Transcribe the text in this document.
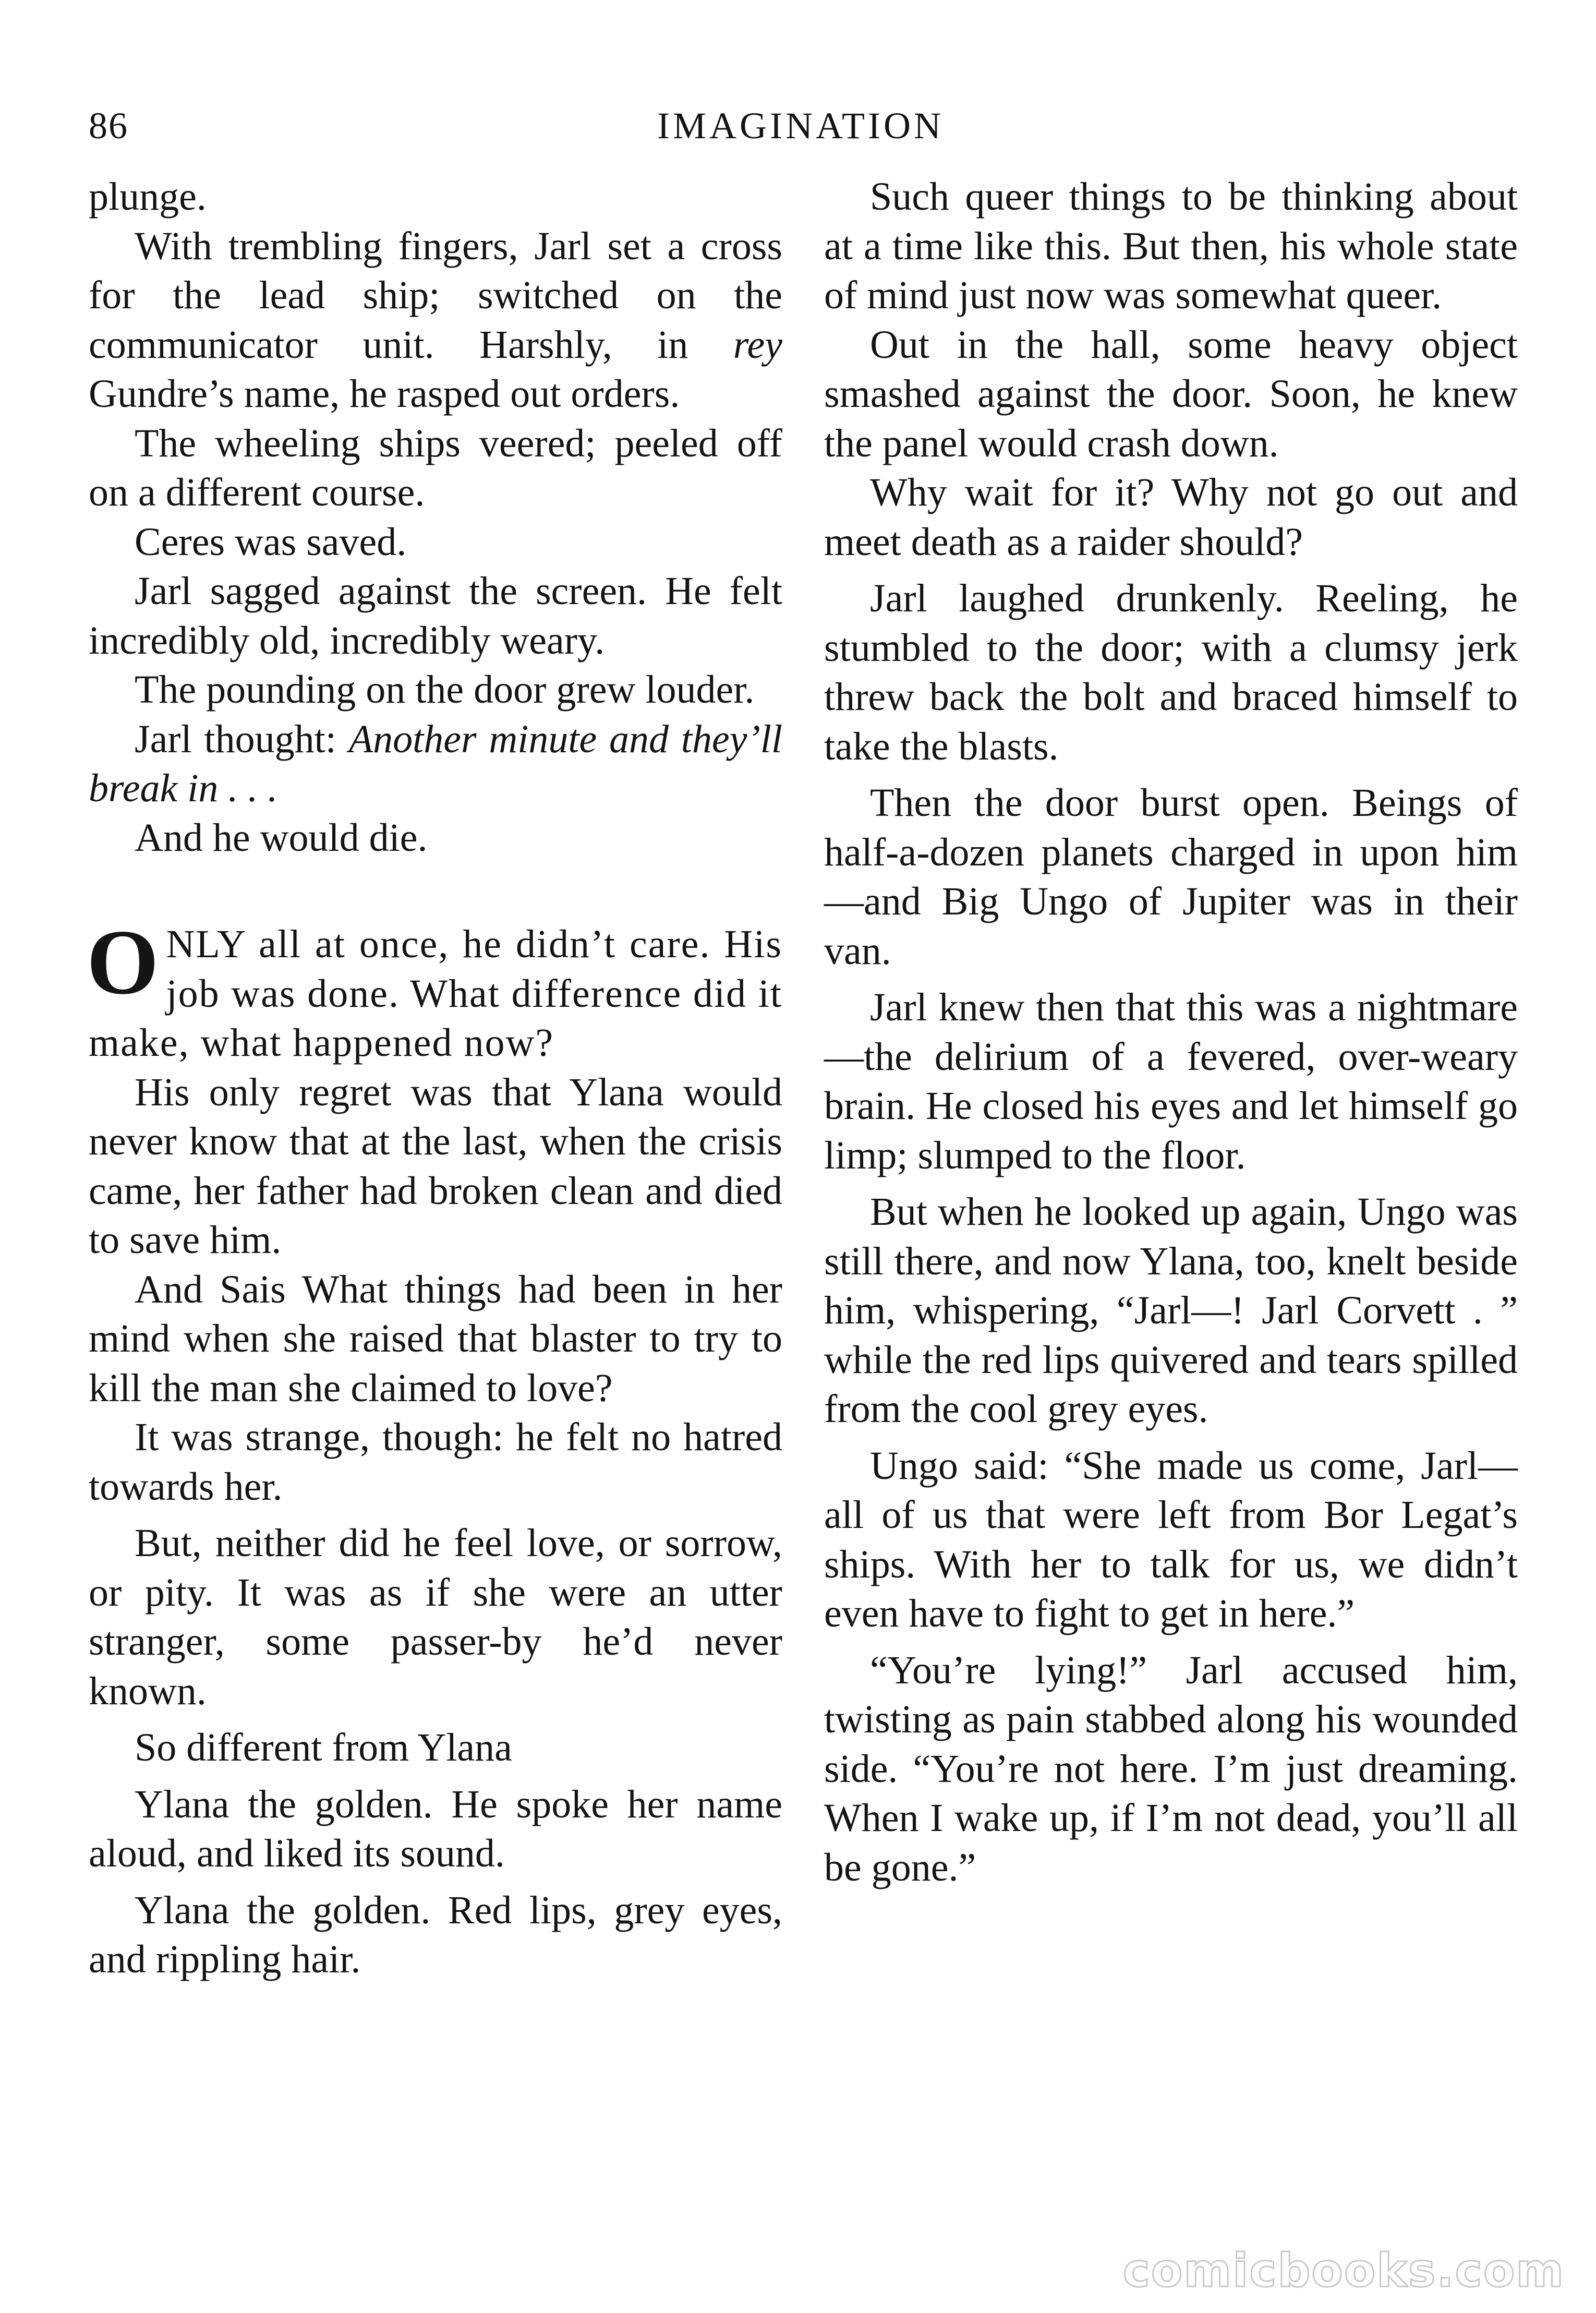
86	IMAGINATION

plunge.

With trembling fingers, Jarl set a cross for the lead ship; switched on the communicator unit. Harshly, in rey Gundre’s name, he rasped out orders.

The wheeling ships veered; peeled off on a different course.

Ceres was saved.

Jarl sagged against the screen. He felt incredibly old, incredibly weary.

The pounding on the door grew louder.

Jarl thought: Another minute and they’ll break in . . .

And he would die.

ONLY all at once, he didn’t care. His job was done. What difference did it make, what happened now?

His only regret was that Ylana would never know that at the last, when the crisis came, her father had broken clean and died to save him.

And Sais What things had been in her mind when she raised that blaster to try to kill the man she claimed to love?

It was strange, though: he felt no hatred towards her.

But, neither did he feel love, or sorrow, or pity. It was as if she were an utter stranger, some passer-by he’d never known.

So different from Ylana

Ylana the golden. He spoke her name aloud, and liked its sound.

Ylana the golden. Red lips, grey eyes, and rippling hair.

Such queer things to be thinking about at a time like this. But then, his whole state of mind just now was somewhat queer.

Out in the hall, some heavy object smashed against the door. Soon, he knew the panel would crash down.

Why wait for it? Why not go out and meet death as a raider should?

Jarl laughed drunkenly. Reeling, he stumbled to the door; with a clumsy jerk threw back the bolt and braced himself to take the blasts.

Then the door burst open. Beings of half-a-dozen planets charged in upon him—and Big Ungo of Jupiter was in their van.

Jarl knew then that this was a nightmare—the delirium of a fevered, over-weary brain. He closed his eyes and let himself go limp; slumped to the floor.

But when he looked up again, Ungo was still there, and now Ylana, too, knelt beside him, whispering, “Jarl—! Jarl Corvett . ” while the red lips quivered and tears spilled from the cool grey eyes.

Ungo said: “She made us come, Jarl—all of us that were left from Bor Legat’s ships. With her to talk for us, we didn’t even have to fight to get in here.”

“You’re lying!” Jarl accused him, twisting as pain stabbed along his wounded side. “You’re not here. I’m just dreaming. When I wake up, if I’m not dead, you’ll all be gone.”

comicbooks.com
